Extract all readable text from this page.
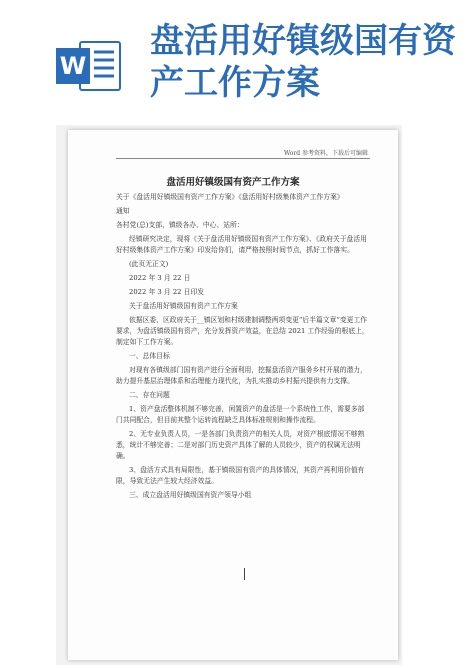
W
盘活用好镇级国有资产工作方案
Word 参考资料，下载后可编辑
盘活用好镇级国有资产工作方案

关于《盘活用好镇级国有资产工作方案》《盘活用好村级集体资产工作方案》

通知

各村党(总)支部，镇级各办、中心、站所：

经镇研究决定，现将《关于盘活用好镇级国有资产工作方案》、《政府关于盘活用好村级集体资产工作方案》印发给你们，请严格按照时间节点，抓好工作落实。

(此页无正文)

2022 年 3 月 22 日

2022 年 3 月 22 日印发

关于盘活用好镇级国有资产工作方案

依据区委、区政府关于__镇区划和村级建制调整两项变更“后半篇文章”变更工作要求，为盘活镇级国有资产，充分发挥资产效益，在总结 2021 工作经验的根底上，制定如下工作方案。

一、总体目标

对现有各镇级部门国有资产进行全面利用，挖掘盘活资产服务乡村开展的潜力，助力提升基层治理体系和治理能力现代化，为扎实推动乡村振兴提供有力支撑。

二、存在问题

1、资产盘活整体机制不够完善，闲置资产的盘活是一个系统性工作，需要多部门共同配合，但目前其整个运转流程缺乏具体标准规则和操作流程。

2、无专业负责人员，一是各部门负责资产的相关人员，对资产根底情况不够熟悉，统计不够完善；二是对部门历史资产具体了解的人员较少，资产的权属无法明确。

3、盘活方式具有局限性，基于镇级国有资产的具体情况，其资产再利用价值有限，导致无法产生较大经济效益。

三、成立盘活用好镇级国有资产领导小组
